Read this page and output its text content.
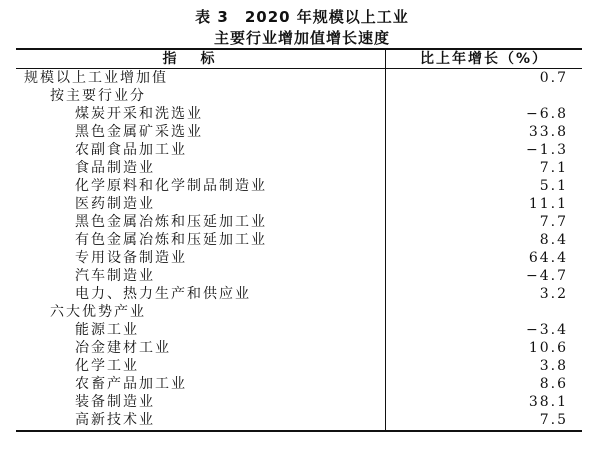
表 3　2020 年规模以上工业
主要行业增加值增长速度
指标	比上年增长（%）
规模以上工业增加值	0.7
按主要行业分
煤炭开采和洗选业	−6.8
黑色金属矿采选业	33.8
农副食品加工业	−1.3
食品制造业	7.1
化学原料和化学制品制造业	5.1
医药制造业	11.1
黑色金属冶炼和压延加工业	7.7
有色金属冶炼和压延加工业	8.4
专用设备制造业	64.4
汽车制造业	−4.7
电力、热力生产和供应业	3.2
六大优势产业
能源工业	−3.4
冶金建材工业	10.6
化学工业	3.8
农畜产品加工业	8.6
装备制造业	38.1
高新技术业	7.5
